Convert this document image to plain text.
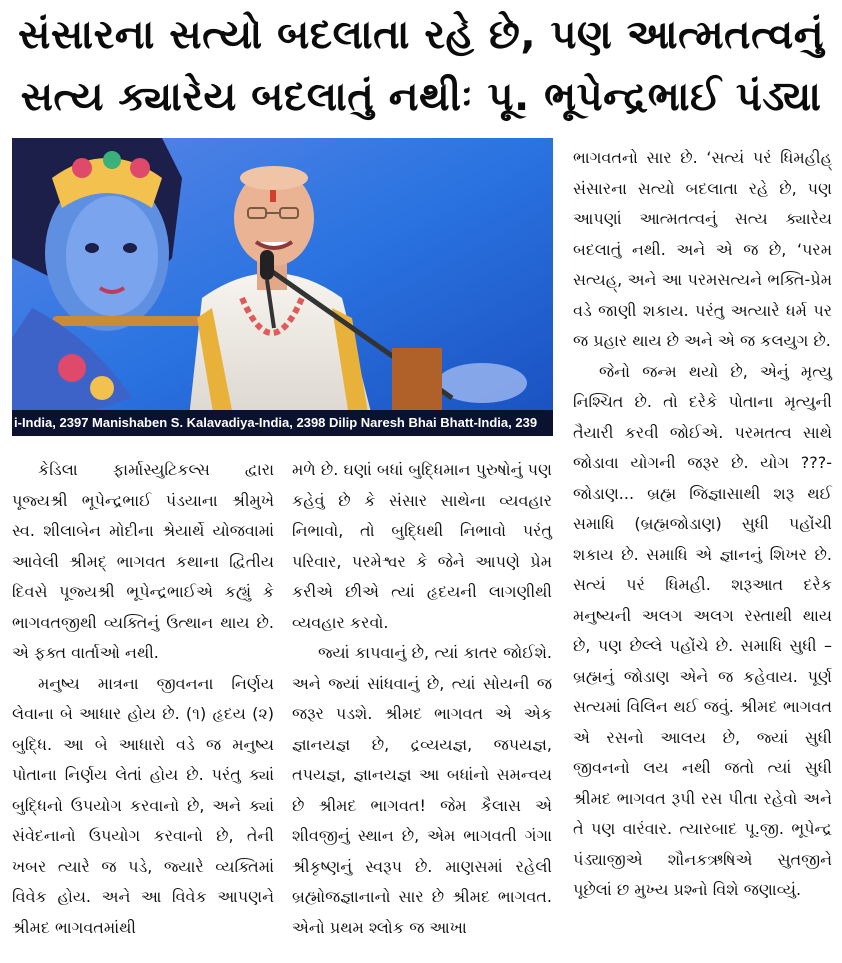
સંસારના સત્યો બદલાતા રહે છે, પણ આત્મતત્વનું
સત્ય ક્યારેય બદલાતું નથીઃ પૂ. ભૂપેન્દ્રભાઈ પંડ્યા
i-India, 2397 Manishaben S. Kalavadiya-India, 2398 Dilip Naresh Bhai Bhatt-India, 239

કેડિલા ફાર્માસ્યુટિકલ્સ દ્વારા પૂજ્યશ્રી ભૂપેન્દ્રભાઈ પંડયાના શ્રીમુખે સ્વ. શીલાબેન મોદીના શ્રેયાર્થે યોજવામાં આવેલી શ્રીમદ્‌ ભાગવત કથાના દ્વિતીય દિવસે પૂજ્યશ્રી ભૂપેન્દ્રભાઈએ કહ્યું કે ભાગવતજીથી વ્યક્તિનું ઉત્થાન થાય છે. એ ફક્ત વાર્તાઓ નથી.

મનુષ્ય માત્રના જીવનના નિર્ણય લેવાના બે આધાર હોય છે. (૧) હૃદય (૨) બુદ્ધિ. આ બે આધારો વડે જ મનુષ્ય પોતાના નિર્ણય લેતાં હોય છે. પરંતુ ક્યાં બુદ્ધિનો ઉપયોગ કરવાનો છે, અને ક્યાં સંવેદનાનો ઉપયોગ કરવાનો છે, તેની ખબર ત્યારે જ પડે, જ્યારે વ્યક્તિમાં વિવેક હોય. અને આ વિવેક આપણને શ્રીમદ ભાગવતમાંથી

મળે છે. ઘણાં બધાં બુદ્ધિમાન પુરુષોનું પણ કહેવું છે કે સંસાર સાથેના વ્યવહાર નિભાવો, તો બુદ્ધિથી નિભાવો પરંતુ પરિવાર, પરમેશ્વર કે જેને આપણે પ્રેમ કરીએ છીએ ત્યાં હૃદયની લાગણીથી વ્યવહાર કરવો.

જ્યાં કાપવાનું છે, ત્યાં કાતર જોઈશે. અને જ્યાં સાંધવાનું છે, ત્યાં સોયની જ જરૂર પડશે. શ્રીમદ ભાગવત એ એક જ્ઞાનયજ્ઞ છે, દ્રવ્યયજ્ઞ, જપયજ્ઞ, તપયજ્ઞ, જ્ઞાનયજ્ઞ આ બધાંનો સમન્વય છે શ્રીમદ ભાગવત! જેમ કૈલાસ એ શીવજીનું સ્થાન છે, એમ ભાગવતી ગંગા શ્રીકૃષ્ણનું સ્વરૂપ છે. માણસમાં રહેલી બ્રહ્મોજજ્ઞાનાનો સાર છે શ્રીમદ ભાગવત. એનો પ્રથમ શ્લોક જ આખા

ભાગવતનો સાર છે. ‘સત્યં પરં ધિમહીહ્ સંસારના સત્યો બદલાતા રહે છે, પણ આપણાં આત્મતત્વનું સત્ય ક્યારેય બદલાતું નથી. અને એ જ છે, ‘પરમ સત્યહ્, અને આ પરમસત્યને ભક્તિ-પ્રેમ વડે જાણી શકાય. પરંતુ અત્યારે ધર્મ પર જ પ્રહાર થાય છે અને એ જ કલયુગ છે.

જેનો જન્મ થયો છે, એનું મૃત્યુ નિશ્ચિત છે. તો દરેકે પોતાના મૃત્યુની તૈયારી કરવી જોઈએ. પરમતત્વ સાથે જોડાવા યોગની જરૂર છે. યોગ ???- જોડાણ... બ્રહ્મ જિજ્ઞાસાથી શરૂ થઈ સમાધિ (બ્રહ્મજોડાણ) સુધી પહોંચી શકાય છે. સમાધિ એ જ્ઞાનનું શિખર છે. સત્યં પરં ધિમહી. શરૂઆત દરેક મનુષ્યની અલગ અલગ રસ્તાથી થાય છે, પણ છેલ્લે પહોંચે છે. સમાધિ સુધી –બ્રહ્મનું જોડાણ એને જ કહેવાય. પૂર્ણ સત્યમાં વિલિન થઈ જવું. શ્રીમદ ભાગવત એ રસનો આલય છે, જ્યાં સુધી જીવનનો લય નથી જતો ત્યાં સુધી શ્રીમદ ભાગવત રૂપી રસ પીતા રહેવો અને તે પણ વારંવાર. ત્યારબાદ પૂ.જી. ભૂપેન્દ્ર પંડ્યાજીએ શૌનકઋષિએ સુતજીને પૂછેલાં છ મુખ્ય પ્રશ્નો વિશે જણાવ્યું.
